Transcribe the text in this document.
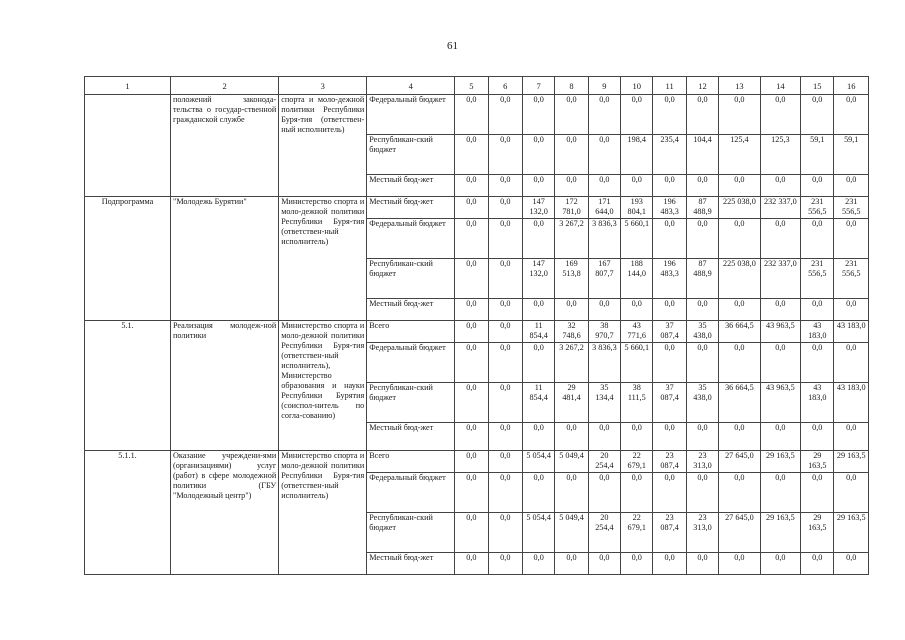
61
1	2	3	4	5	6	7	8	9	10	11	12	13	14	15	16
	положений законода-тельства о государ-ственной гражданской службе	спорта и моло-дежной политики Республики Буря-тия (ответствен-ный исполнитель)	Федеральный бюджет	0,0	0,0	0,0	0,0	0,0	0,0	0,0	0,0	0,0	0,0	0,0	0,0
			Республикан-ский бюджет	0,0	0,0	0,0	0,0	0,0	198,4	235,4	104,4	125,4	125,3	59,1	59,1
			Местный бюд-жет	0,0	0,0	0,0	0,0	0,0	0,0	0,0	0,0	0,0	0,0	0,0	0,0
Подпрограмма	"Молодежь Бурятии"	Министерство спорта и моло-дежной политики Республики Буря-тия (ответствен-ный исполнитель)	Местный бюд-жет	0,0	0,0	147 132,0	172 781,0	171 644,0	193 804,1	196 483,3	87 488,9	225 038,0	232 337,0	231 556,5	231 556,5
			Федеральный бюджет	0,0	0,0	0,0	3 267,2	3 836,3	5 660,1	0,0	0,0	0,0	0,0	0,0	0,0
			Республикан-ский бюджет	0,0	0,0	147 132,0	169 513,8	167 807,7	188 144,0	196 483,3	87 488,9	225 038,0	232 337,0	231 556,5	231 556,5
			Местный бюд-жет	0,0	0,0	0,0	0,0	0,0	0,0	0,0	0,0	0,0	0,0	0,0	0,0
5.1.	Реализация молодеж-ной политики	Министерство спорта и моло-дежной политики Республики Буря-тия (ответствен-ный исполнитель), Министерство образования и науки Республики Бурятия (соиспол-нитель по согла-сованию)	Всего	0,0	0,0	11 854,4	32 748,6	38 970,7	43 771,6	37 087,4	35 438,0	36 664,5	43 963,5	43 183,0	43 183,0
			Федеральный бюджет	0,0	0,0	0,0	3 267,2	3 836,3	5 660,1	0,0	0,0	0,0	0,0	0,0	0,0
			Республикан-ский бюджет	0,0	0,0	11 854,4	29 481,4	35 134,4	38 111,5	37 087,4	35 438,0	36 664,5	43 963,5	43 183,0	43 183,0
			Местный бюд-жет	0,0	0,0	0,0	0,0	0,0	0,0	0,0	0,0	0,0	0,0	0,0	0,0
5.1.1.	Оказание учреждени-ями (организациями) услуг (работ) в сфере молодежной политики (ГБУ "Молодежный центр")	Министерство спорта и моло-дежной политики Республики Буря-тия (ответствен-ный исполнитель)	Всего	0,0	0,0	5 054,4	5 049,4	20 254,4	22 679,1	23 087,4	23 313,0	27 645,0	29 163,5	29 163,5	29 163,5
			Федеральный бюджет	0,0	0,0	0,0	0,0	0,0	0,0	0,0	0,0	0,0	0,0	0,0	0,0
			Республикан-ский бюджет	0,0	0,0	5 054,4	5 049,4	20 254,4	22 679,1	23 087,4	23 313,0	27 645,0	29 163,5	29 163,5	29 163,5
			Местный бюд-жет	0,0	0,0	0,0	0,0	0,0	0,0	0,0	0,0	0,0	0,0	0,0	0,0
